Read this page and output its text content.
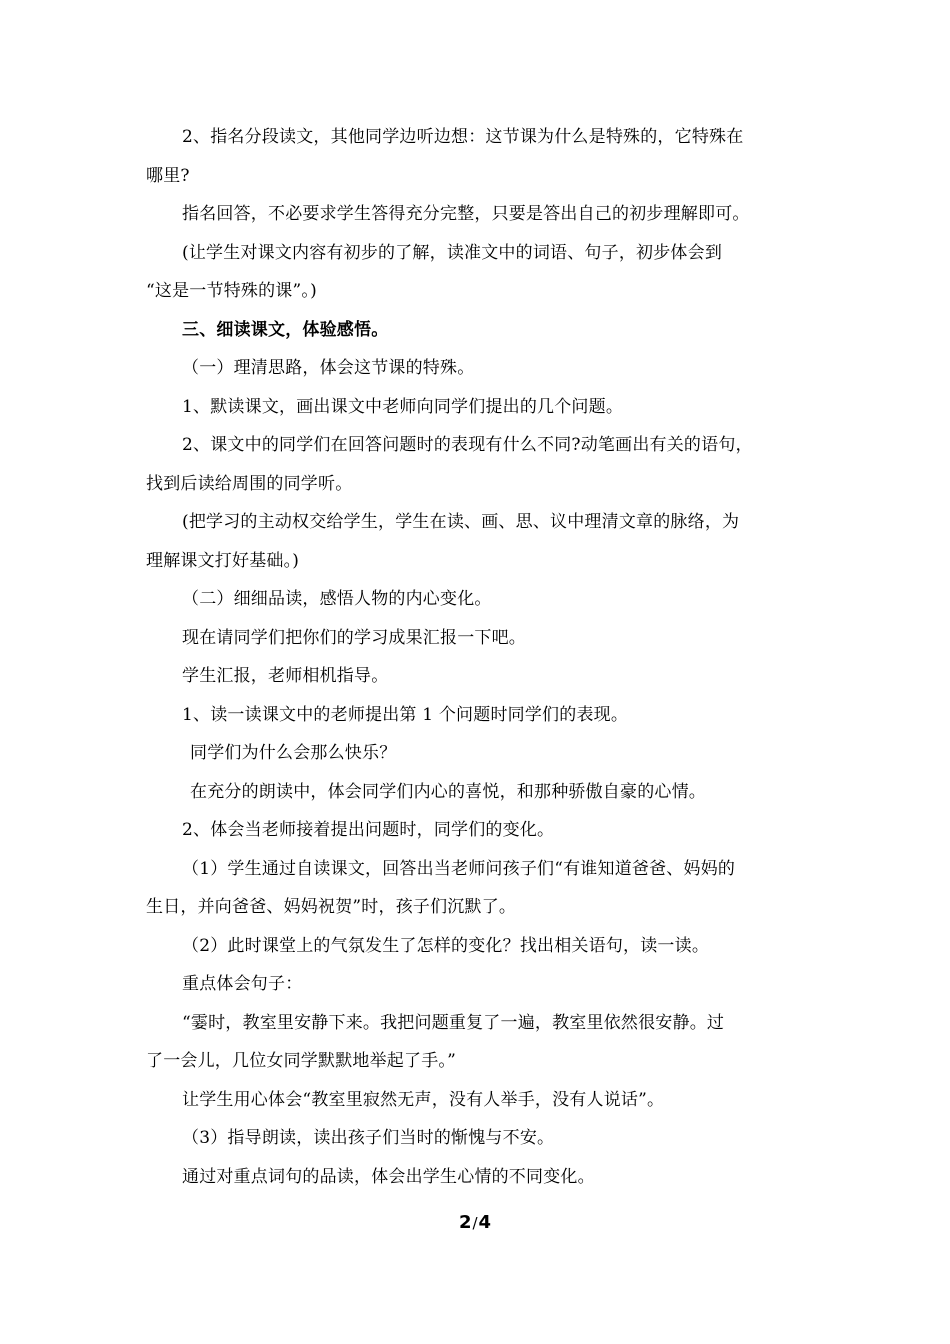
2、指名分段读文，其他同学边听边想：这节课为什么是特殊的，它特殊在

哪里?

指名回答，不必要求学生答得充分完整，只要是答出自己的初步理解即可。

(让学生对课文内容有初步的了解，读准文中的词语、句子，初步体会到

“这是一节特殊的课”。)

三、细读课文，体验感悟。

（一）理清思路，体会这节课的特殊。

1、默读课文，画出课文中老师向同学们提出的几个问题。

2、课文中的同学们在回答问题时的表现有什么不同?动笔画出有关的语句，

找到后读给周围的同学听。

(把学习的主动权交给学生，学生在读、画、思、议中理清文章的脉络，为

理解课文打好基础。)

（二）细细品读，感悟人物的内心变化。

现在请同学们把你们的学习成果汇报一下吧。

学生汇报，老师相机指导。

1、读一读课文中的老师提出第 1 个问题时同学们的表现。

同学们为什么会那么快乐？

在充分的朗读中，体会同学们内心的喜悦，和那种骄傲自豪的心情。

2、体会当老师接着提出问题时，同学们的变化。

（1）学生通过自读课文，回答出当老师问孩子们“有谁知道爸爸、妈妈的

生日，并向爸爸、妈妈祝贺”时，孩子们沉默了。

（2）此时课堂上的气氛发生了怎样的变化？找出相关语句，读一读。

重点体会句子：

“霎时，教室里安静下来。我把问题重复了一遍，教室里依然很安静。过

了一会儿，几位女同学默默地举起了手。”

让学生用心体会“教室里寂然无声，没有人举手，没有人说话”。

（3）指导朗读，读出孩子们当时的惭愧与不安。

通过对重点词句的品读，体会出学生心情的不同变化。

2/4
